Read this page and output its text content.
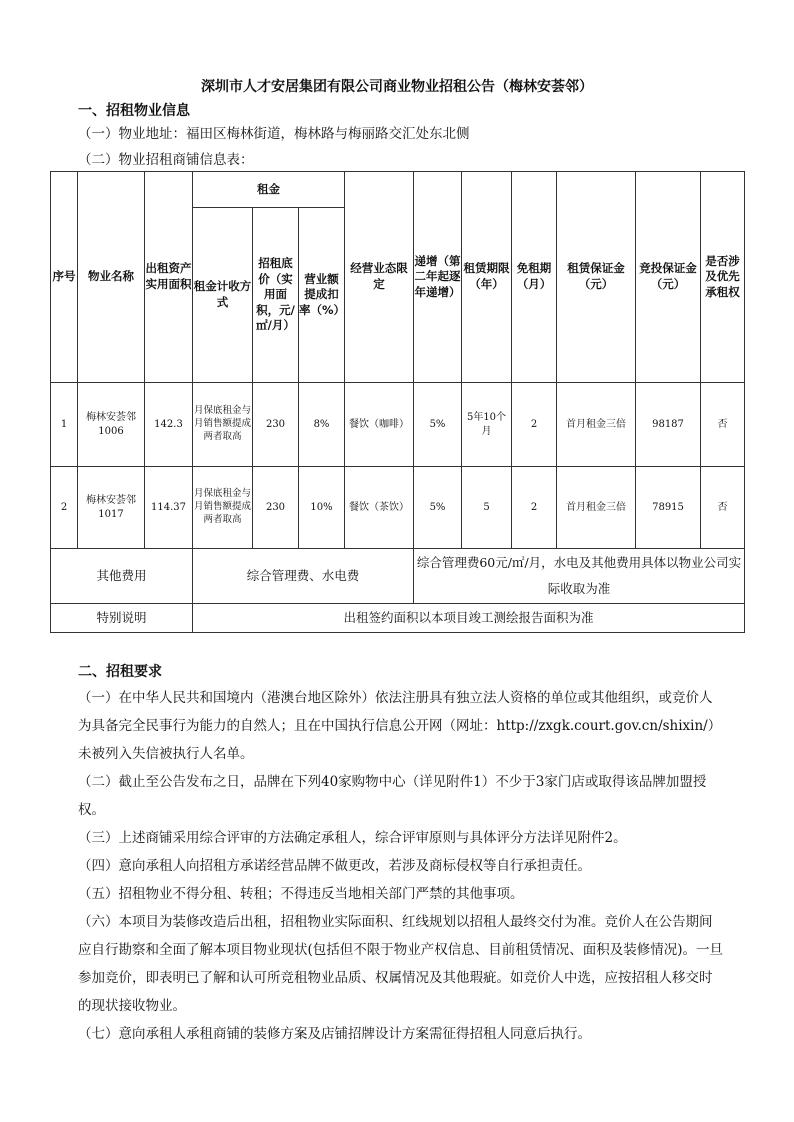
深圳市人才安居集团有限公司商业物业招租公告（梅林安荟邻）
一、招租物业信息
（一）物业地址：福田区梅林街道，梅林路与梅丽路交汇处东北侧
（二）物业招租商铺信息表：
序号	物业名称	出租资产实用面积	租金			经营业态限定	递增（第二年起逐年递增）	租赁期限（年）	免租期（月）	租赁保证金（元）	竞投保证金（元）	是否涉及优先承租权
			租金计收方式	招租底价（实用面积，元/㎡/月）	营业额提成扣率（%）							
1	梅林安荟邻1006	142.3	月保底租金与月销售额提成两者取高	230	8%	餐饮（咖啡）	5%	5年10个月	2	首月租金三倍	98187	否
2	梅林安荟邻1017	114.37	月保底租金与月销售额提成两者取高	230	10%	餐饮（茶饮）	5%	5	2	首月租金三倍	78915	否
其他费用			综合管理费、水电费				综合管理费60元/㎡/月，水电及其他费用具体以物业公司实际收取为准					
特别说明			出租签约面积以本项目竣工测绘报告面积为准									
二、招租要求
（一）在中华人民共和国境内（港澳台地区除外）依法注册具有独立法人资格的单位或其他组织，或竞价人为具备完全民事行为能力的自然人；且在中国执行信息公开网（网址：http://zxgk.court.gov.cn/shixin/）未被列入失信被执行人名单。
（二）截止至公告发布之日，品牌在下列40家购物中心（详见附件1）不少于3家门店或取得该品牌加盟授权。
（三）上述商铺采用综合评审的方法确定承租人，综合评审原则与具体评分方法详见附件2。
（四）意向承租人向招租方承诺经营品牌不做更改，若涉及商标侵权等自行承担责任。
（五）招租物业不得分租、转租；不得违反当地相关部门严禁的其他事项。
（六）本项目为装修改造后出租，招租物业实际面积、红线规划以招租人最终交付为准。竞价人在公告期间应自行勘察和全面了解本项目物业现状(包括但不限于物业产权信息、目前租赁情况、面积及装修情况)。一旦参加竞价，即表明已了解和认可所竞租物业品质、权属情况及其他瑕疵。如竞价人中选，应按招租人移交时的现状接收物业。
（七）意向承租人承租商铺的装修方案及店铺招牌设计方案需征得招租人同意后执行。
